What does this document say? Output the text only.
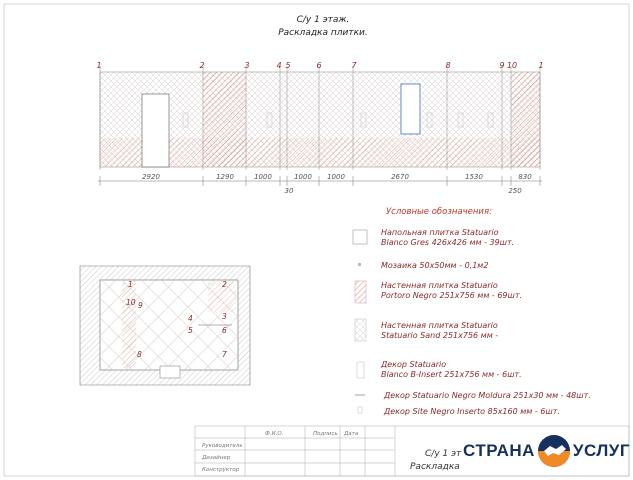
С/у 1 этаж.
Раскладка плитки.
1	2	3	4 5	6	7	8	9 10	1
2920	1290	1000	1000 1000	2670	1530	830
30	250
1	2
10 9
4	3
5	6
8	7
Условные обозначения:
Напольная плитка Statuario
Blanco Gres 426x426 мм - 39шт.
Мозаика 50x50мм - 0,1м2
Настенная плитка Statuario
Portoro Negro 251x756 мм - 69шт.
Настенная плитка Statuario
Statuario Sand 251x756 мм -
Декор Statuario
Blanco B-Insert 251x756 мм - 6шт.
Декор Statuario Negro Moldura 251x30 мм - 48шт.
Декор Site Negro Inserto 85x160 мм - 6шт.
Ф.И.О.	Подпись Дата
Руководитель
Дизайнер
Конструктор
С/у 1 эт
Раскладка
СТРАНА УСЛУГ
